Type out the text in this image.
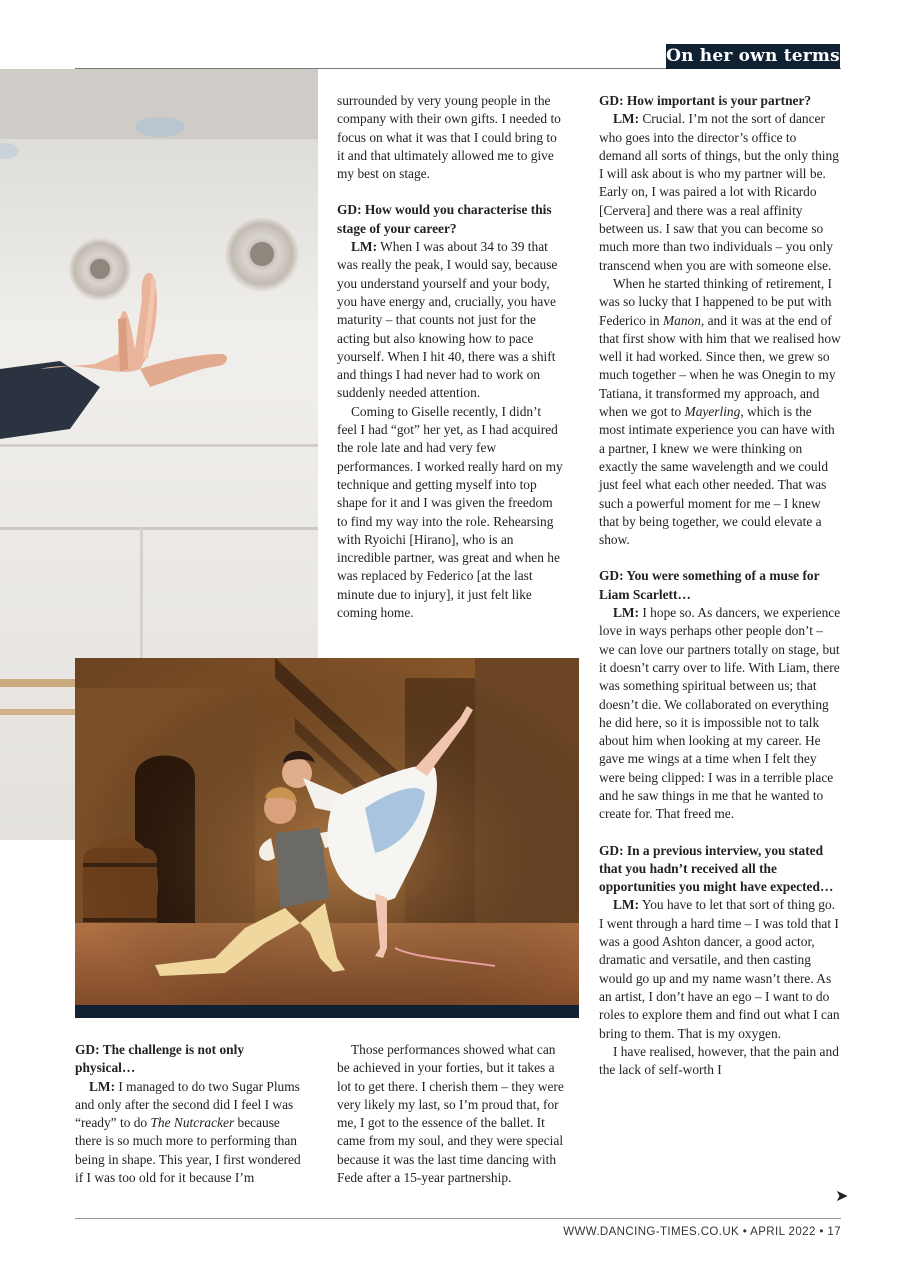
On her own terms

surrounded by very young people in the company with their own gifts. I needed to focus on what it was that I could bring to it and that ultimately allowed me to give my best on stage.

GD: How would you characterise this stage of your career?

LM: When I was about 34 to 39 that was really the peak, I would say, because you understand yourself and your body, you have energy and, crucially, you have maturity – that counts not just for the acting but also knowing how to pace yourself. When I hit 40, there was a shift and things I had never had to work on suddenly needed attention.

Coming to Giselle recently, I didn’t feel I had “got” her yet, as I had acquired the role late and had very few performances. I worked really hard on my technique and getting myself into top shape for it and I was given the freedom to find my way into the role. Rehearsing with Ryoichi [Hirano], who is an incredible partner, was great and when he was replaced by Federico [at the last minute due to injury], it just felt like coming home.

GD: How important is your partner?

LM: Crucial. I’m not the sort of dancer who goes into the director’s office to demand all sorts of things, but the only thing I will ask about is who my partner will be. Early on, I was paired a lot with Ricardo [Cervera] and there was a real affinity between us. I saw that you can become so much more than two individuals – you only transcend when you are with someone else.

When he started thinking of retirement, I was so lucky that I happened to be put with Federico in Manon, and it was at the end of that first show with him that we realised how well it had worked. Since then, we grew so much together – when he was Onegin to my Tatiana, it transformed my approach, and when we got to Mayerling, which is the most intimate experience you can have with a partner, I knew we were thinking on exactly the same wavelength and we could just feel what each other needed. That was such a powerful moment for me – I knew that by being together, we could elevate a show.

GD: You were something of a muse for Liam Scarlett…

LM: I hope so. As dancers, we experience love in ways perhaps other people don’t – we can love our partners totally on stage, but it doesn’t carry over to life. With Liam, there was something spiritual between us; that doesn’t die. We collaborated on everything he did here, so it is impossible not to talk about him when looking at my career. He gave me wings at a time when I felt they were being clipped: I was in a terrible place and he saw things in me that he wanted to create for. That freed me.

GD: In a previous interview, you stated that you hadn’t received all the opportunities you might have expected…

LM: You have to let that sort of thing go. I went through a hard time – I was told that I was a good Ashton dancer, a good actor, dramatic and versatile, and then casting would go up and my name wasn’t there. As an artist, I don’t have an ego – I want to do roles to explore them and find out what I can bring to them. That is my oxygen.

I have realised, however, that the pain and the lack of self-worth I

GD: The challenge is not only physical…

LM: I managed to do two Sugar Plums and only after the second did I feel I was “ready” to do The Nutcracker because there is so much more to performing than being in shape. This year, I first wondered if I was too old for it because I’m

Those performances showed what can be achieved in your forties, but it takes a lot to get there. I cherish them – they were very likely my last, so I’m proud that, for me, I got to the essence of the ballet. It came from my soul, and they were special because it was the last time dancing with Fede after a 15-year partnership.

➤
WWW.DANCING-TIMES.CO.UK • APRIL 2022 • 17
